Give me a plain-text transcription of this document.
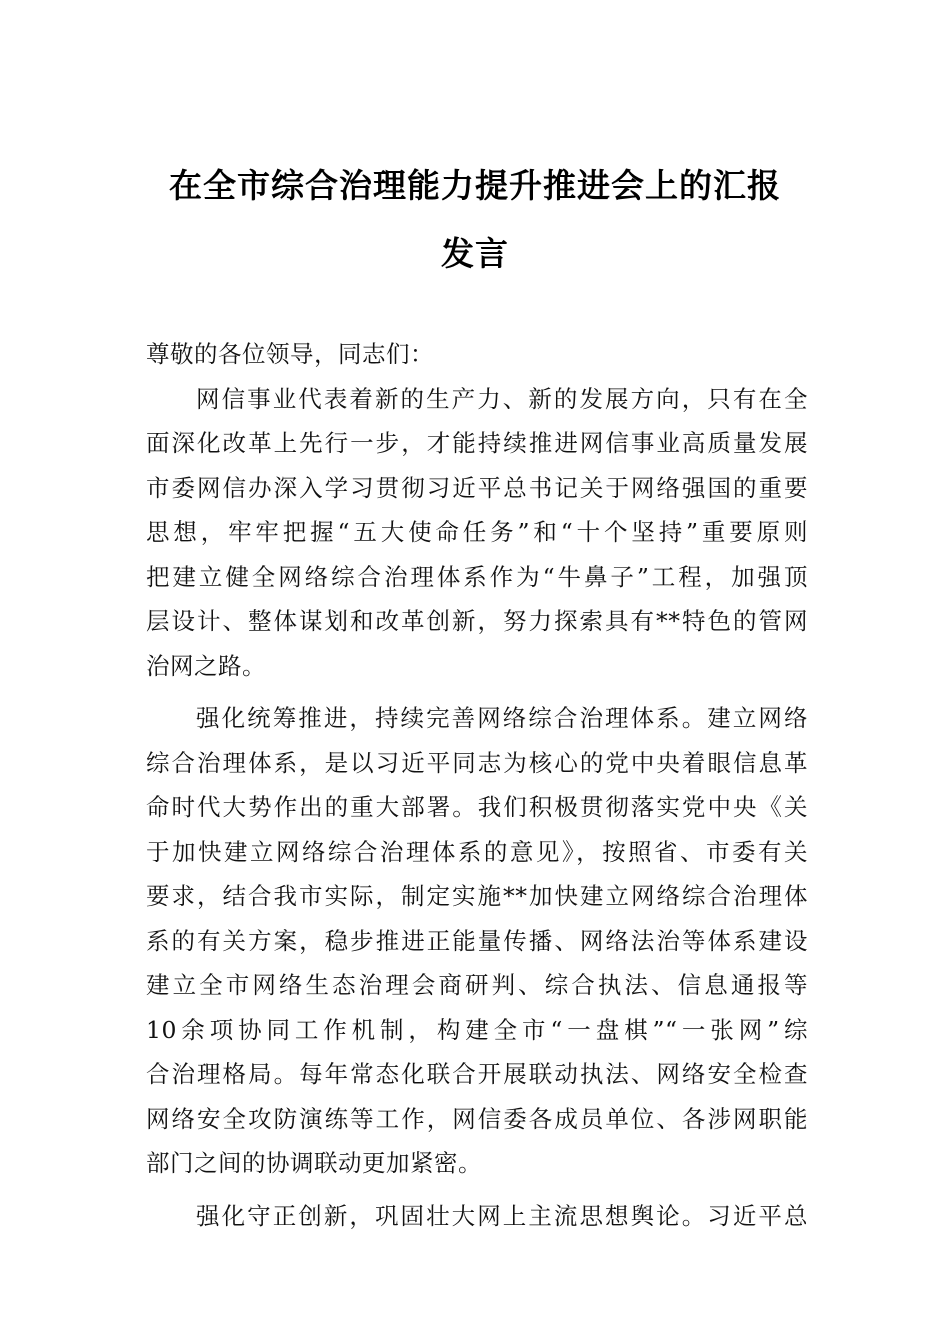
在全市综合治理能力提升推进会上的汇报
发言
尊敬的各位领导，同志们：
网信事业代表着新的生产力、新的发展方向，只有在全
面深化改革上先行一步，才能持续推进网信事业高质量发展
市委网信办深入学习贯彻习近平总书记关于网络强国的重要
思想，牢牢把握“五大使命任务”和“十个坚持”重要原则
把建立健全网络综合治理体系作为“牛鼻子”工程，加强顶
层设计、整体谋划和改革创新，努力探索具有**特色的管网
治网之路。
强化统筹推进，持续完善网络综合治理体系。建立网络
综合治理体系，是以习近平同志为核心的党中央着眼信息革
命时代大势作出的重大部署。我们积极贯彻落实党中央《关
于加快建立网络综合治理体系的意见》，按照省、市委有关
要求，结合我市实际，制定实施**加快建立网络综合治理体
系的有关方案，稳步推进正能量传播、网络法治等体系建设
建立全市网络生态治理会商研判、综合执法、信息通报等
10余项协同工作机制，构建全市“一盘棋”“一张网”综
合治理格局。每年常态化联合开展联动执法、网络安全检查
网络安全攻防演练等工作，网信委各成员单位、各涉网职能
部门之间的协调联动更加紧密。
强化守正创新，巩固壮大网上主流思想舆论。习近平总
